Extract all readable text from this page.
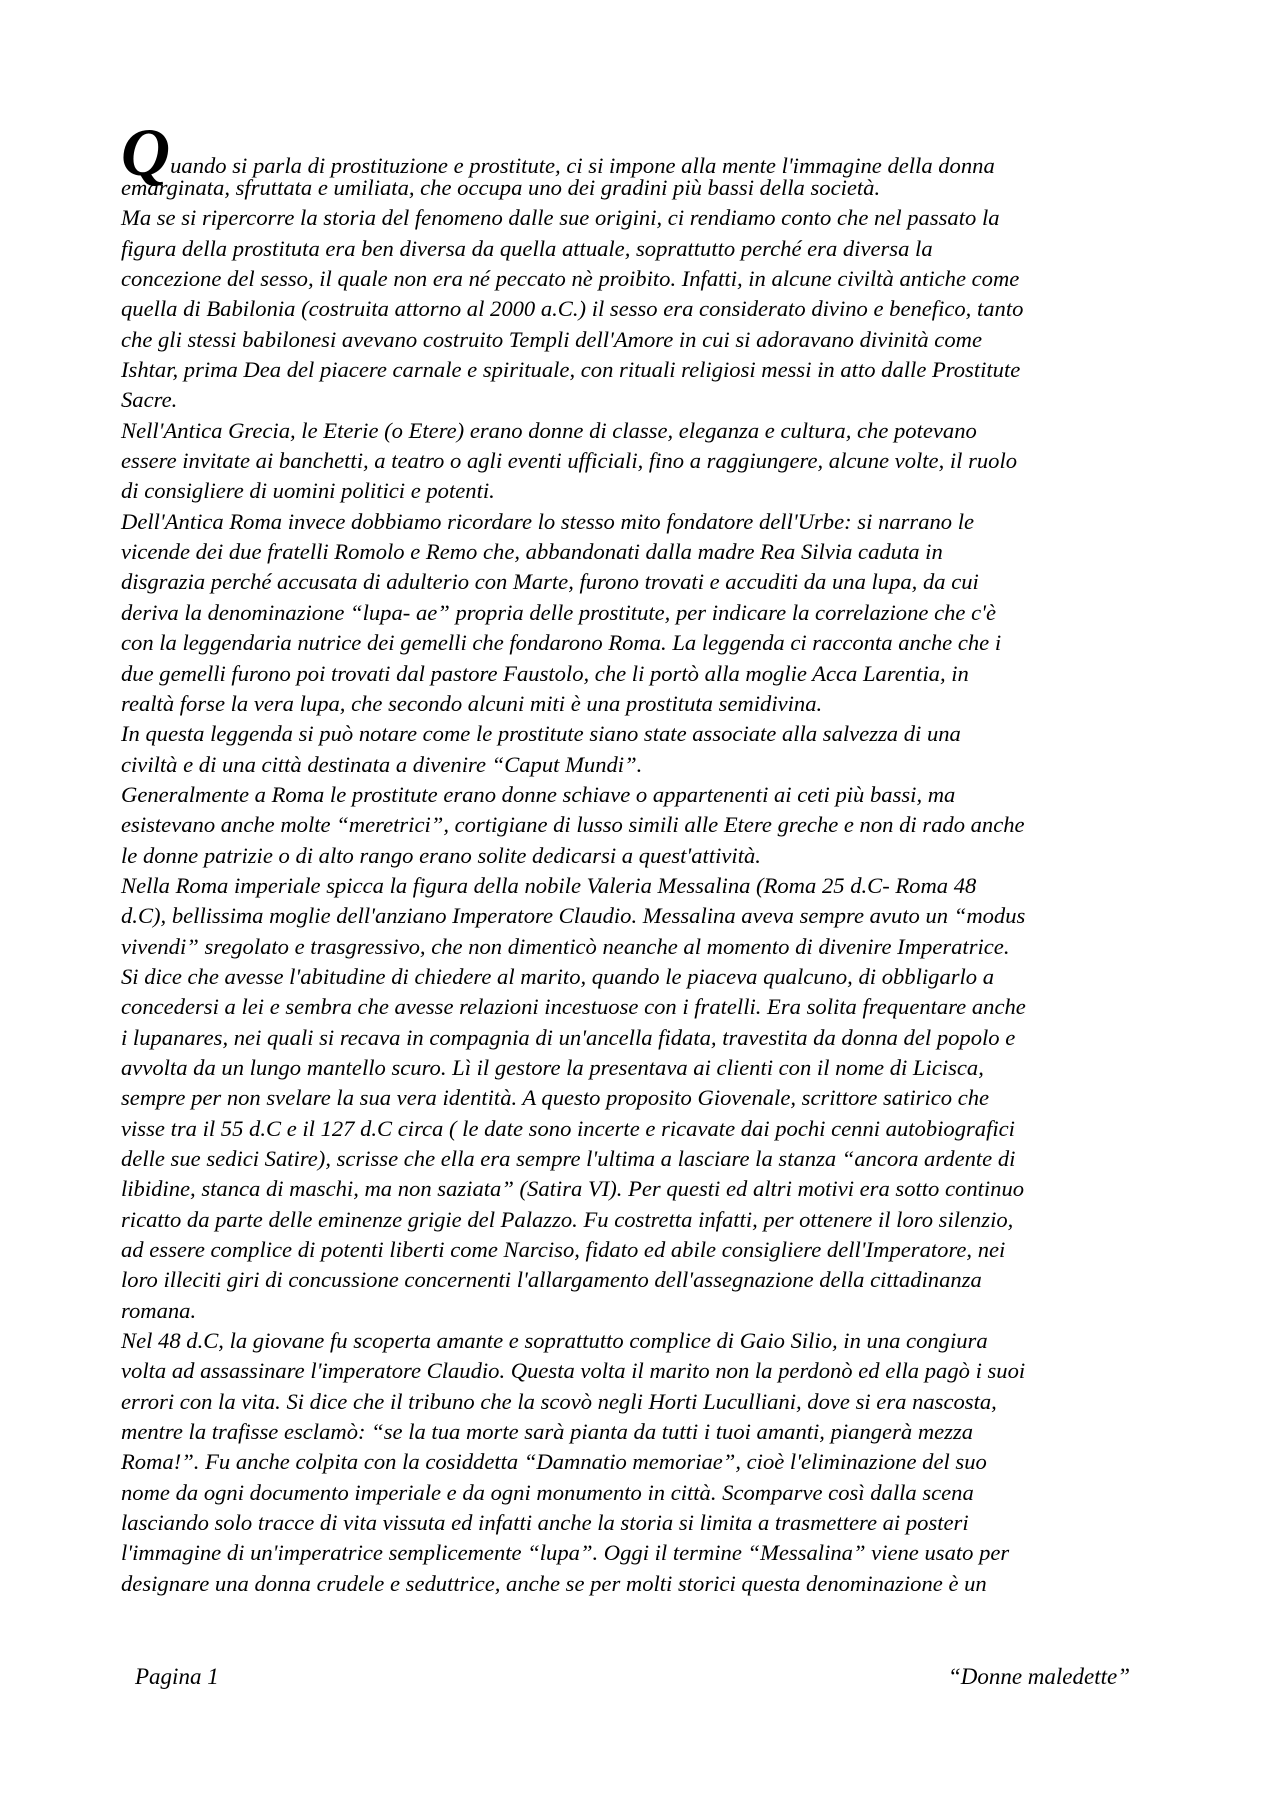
Quando si parla di prostituzione e prostitute, ci si impone alla mente l'immagine della donna
emarginata, sfruttata e umiliata, che occupa uno dei gradini più bassi della società.
Ma se si ripercorre la storia del fenomeno dalle sue origini, ci rendiamo conto che nel passato la
figura della prostituta era ben diversa da quella attuale, soprattutto perché era diversa la
concezione del sesso, il quale non era né peccato nè proibito. Infatti, in alcune civiltà antiche come
quella di Babilonia (costruita attorno al 2000 a.C.) il sesso era considerato divino e benefico, tanto
che gli stessi babilonesi avevano costruito Templi dell'Amore in cui si adoravano divinità come
Ishtar, prima Dea del piacere carnale e spirituale, con rituali religiosi messi in atto dalle Prostitute
Sacre.
Nell'Antica Grecia, le Eterie (o Etere) erano donne di classe, eleganza e cultura, che potevano
essere invitate ai banchetti, a teatro o agli eventi ufficiali, fino a raggiungere, alcune volte, il ruolo
di consigliere di uomini politici e potenti.
Dell'Antica Roma invece dobbiamo ricordare lo stesso mito fondatore dell'Urbe: si narrano le
vicende dei due fratelli Romolo e Remo che, abbandonati dalla madre Rea Silvia caduta in
disgrazia perché accusata di adulterio con Marte, furono trovati e accuditi da una lupa, da cui
deriva la denominazione “lupa- ae” propria delle prostitute, per indicare la correlazione che c'è
con la leggendaria nutrice dei gemelli che fondarono Roma. La leggenda ci racconta anche che i
due gemelli furono poi trovati dal pastore Faustolo, che li portò alla moglie Acca Larentia, in
realtà forse la vera lupa, che secondo alcuni miti è una prostituta semidivina.
In questa leggenda si può notare come le prostitute siano state associate alla salvezza di una
civiltà e di una città destinata a divenire “Caput Mundi”.
Generalmente a Roma le prostitute erano donne schiave o appartenenti ai ceti più bassi, ma
esistevano anche molte “meretrici”, cortigiane di lusso simili alle Etere greche e non di rado anche
le donne patrizie o di alto rango erano solite dedicarsi a quest'attività.
Nella Roma imperiale spicca la figura della nobile Valeria Messalina (Roma 25 d.C- Roma 48
d.C), bellissima moglie dell'anziano Imperatore Claudio. Messalina aveva sempre avuto un “modus
vivendi” sregolato e trasgressivo, che non dimenticò neanche al momento di divenire Imperatrice.
Si dice che avesse l'abitudine di chiedere al marito, quando le piaceva qualcuno, di obbligarlo a
concedersi a lei e sembra che avesse relazioni incestuose con i fratelli. Era solita frequentare anche
i lupanares, nei quali si recava in compagnia di un'ancella fidata, travestita da donna del popolo e
avvolta da un lungo mantello scuro. Lì il gestore la presentava ai clienti con il nome di Licisca,
sempre per non svelare la sua vera identità. A questo proposito Giovenale, scrittore satirico che
visse tra il 55 d.C e il 127 d.C circa ( le date sono incerte e ricavate dai pochi cenni autobiografici
delle sue sedici Satire), scrisse che ella era sempre l'ultima a lasciare la stanza “ancora ardente di
libidine, stanca di maschi, ma non saziata” (Satira VI). Per questi ed altri motivi era sotto continuo
ricatto da parte delle eminenze grigie del Palazzo. Fu costretta infatti, per ottenere il loro silenzio,
ad essere complice di potenti liberti come Narciso, fidato ed abile consigliere dell'Imperatore, nei
loro illeciti giri di concussione concernenti l'allargamento dell'assegnazione della cittadinanza
romana.
Nel 48 d.C, la giovane fu scoperta amante e soprattutto complice di Gaio Silio, in una congiura
volta ad assassinare l'imperatore Claudio. Questa volta il marito non la perdonò ed ella pagò i suoi
errori con la vita. Si dice che il tribuno che la scovò negli Horti Luculliani, dove si era nascosta,
mentre la trafisse esclamò: “se la tua morte sarà pianta da tutti i tuoi amanti, piangerà mezza
Roma!”. Fu anche colpita con la cosiddetta “Damnatio memoriae”, cioè l'eliminazione del suo
nome da ogni documento imperiale e da ogni monumento in città. Scomparve così dalla scena
lasciando solo tracce di vita vissuta ed infatti anche la storia si limita a trasmettere ai posteri
l'immagine di un'imperatrice semplicemente “lupa”. Oggi il termine “Messalina” viene usato per
designare una donna crudele e seduttrice, anche se per molti storici questa denominazione è un
Pagina 1	“Donne maledette”
